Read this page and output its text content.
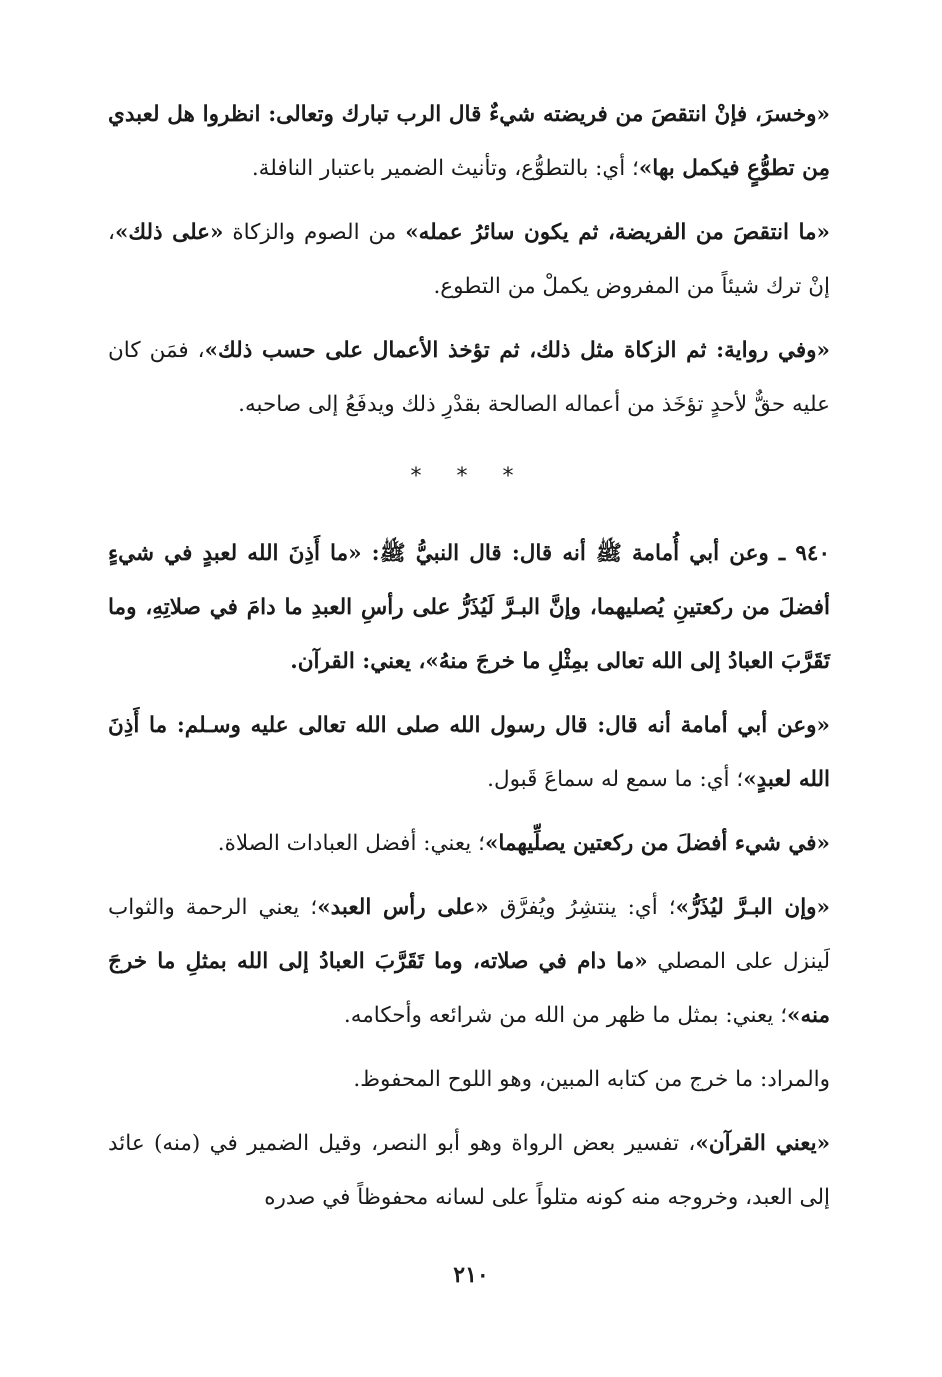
«وخسرَ، فإنْ انتقصَ من فريضته شيءٌ قال الرب تبارك وتعالى: انظروا هل لعبدي مِن تطوُّعٍ فيكمل بها»؛ أي: بالتطوُّع، وتأنيث الضمير باعتبار النافلة.

«ما انتقصَ من الفريضة، ثم يكون سائرُ عمله» من الصوم والزكاة «على ذلك»، إنْ ترك شيئاً من المفروض يكملْ من التطوع.

«وفي رواية: ثم الزكاة مثل ذلك، ثم تؤخذ الأعمال على حسب ذلك»، فمَن كان عليه حقٌّ لأحدٍ تؤخَذ من أعماله الصالحة بقدْرِ ذلك ويدفَعُ إلى صاحبه.

* * *

٩٤٠ ـ وعن أبي أُمامة ﷺ أنه قال: قال النبيُّ ﷺ: «ما أَذِنَ الله لعبدٍ في شيءٍ أفضلَ من ركعتينِ يُصليهما، وإنَّ البـرَّ لَيُذَرُّ على رأسِ العبدِ ما دامَ في صلاتِهِ، وما تَقَرَّبَ العبادُ إلى الله تعالى بمِثْلِ ما خرجَ منهُ»، يعني: القرآن.

«وعن أبي أمامة أنه قال: قال رسول الله صلى الله تعالى عليه وسـلم: ما أَذِنَ الله لعبدٍ»؛ أي: ما سمع له سماعَ قَبول.

«في شيء أفضلَ من ركعتين يصلِّيهما»؛ يعني: أفضل العبادات الصلاة.

«وإن البـرَّ ليُذَرُّ»؛ أي: ينتشِرُ ويُفرَّق «على رأس العبد»؛ يعني الرحمة والثواب لَينزل على المصلي «ما دام في صلاته، وما تَقَرَّبَ العبادُ إلى الله بمثلِ ما خرجَ منه»؛ يعني: بمثل ما ظهر من الله من شرائعه وأحكامه.

والمراد: ما خرج من كتابه المبين، وهو اللوح المحفوظ.

«يعني القرآن»، تفسير بعض الرواة وهو أبو النصر، وقيل الضمير في (منه) عائد إلى العبد، وخروجه منه كونه متلواً على لسانه محفوظاً في صدره

٢١٠
